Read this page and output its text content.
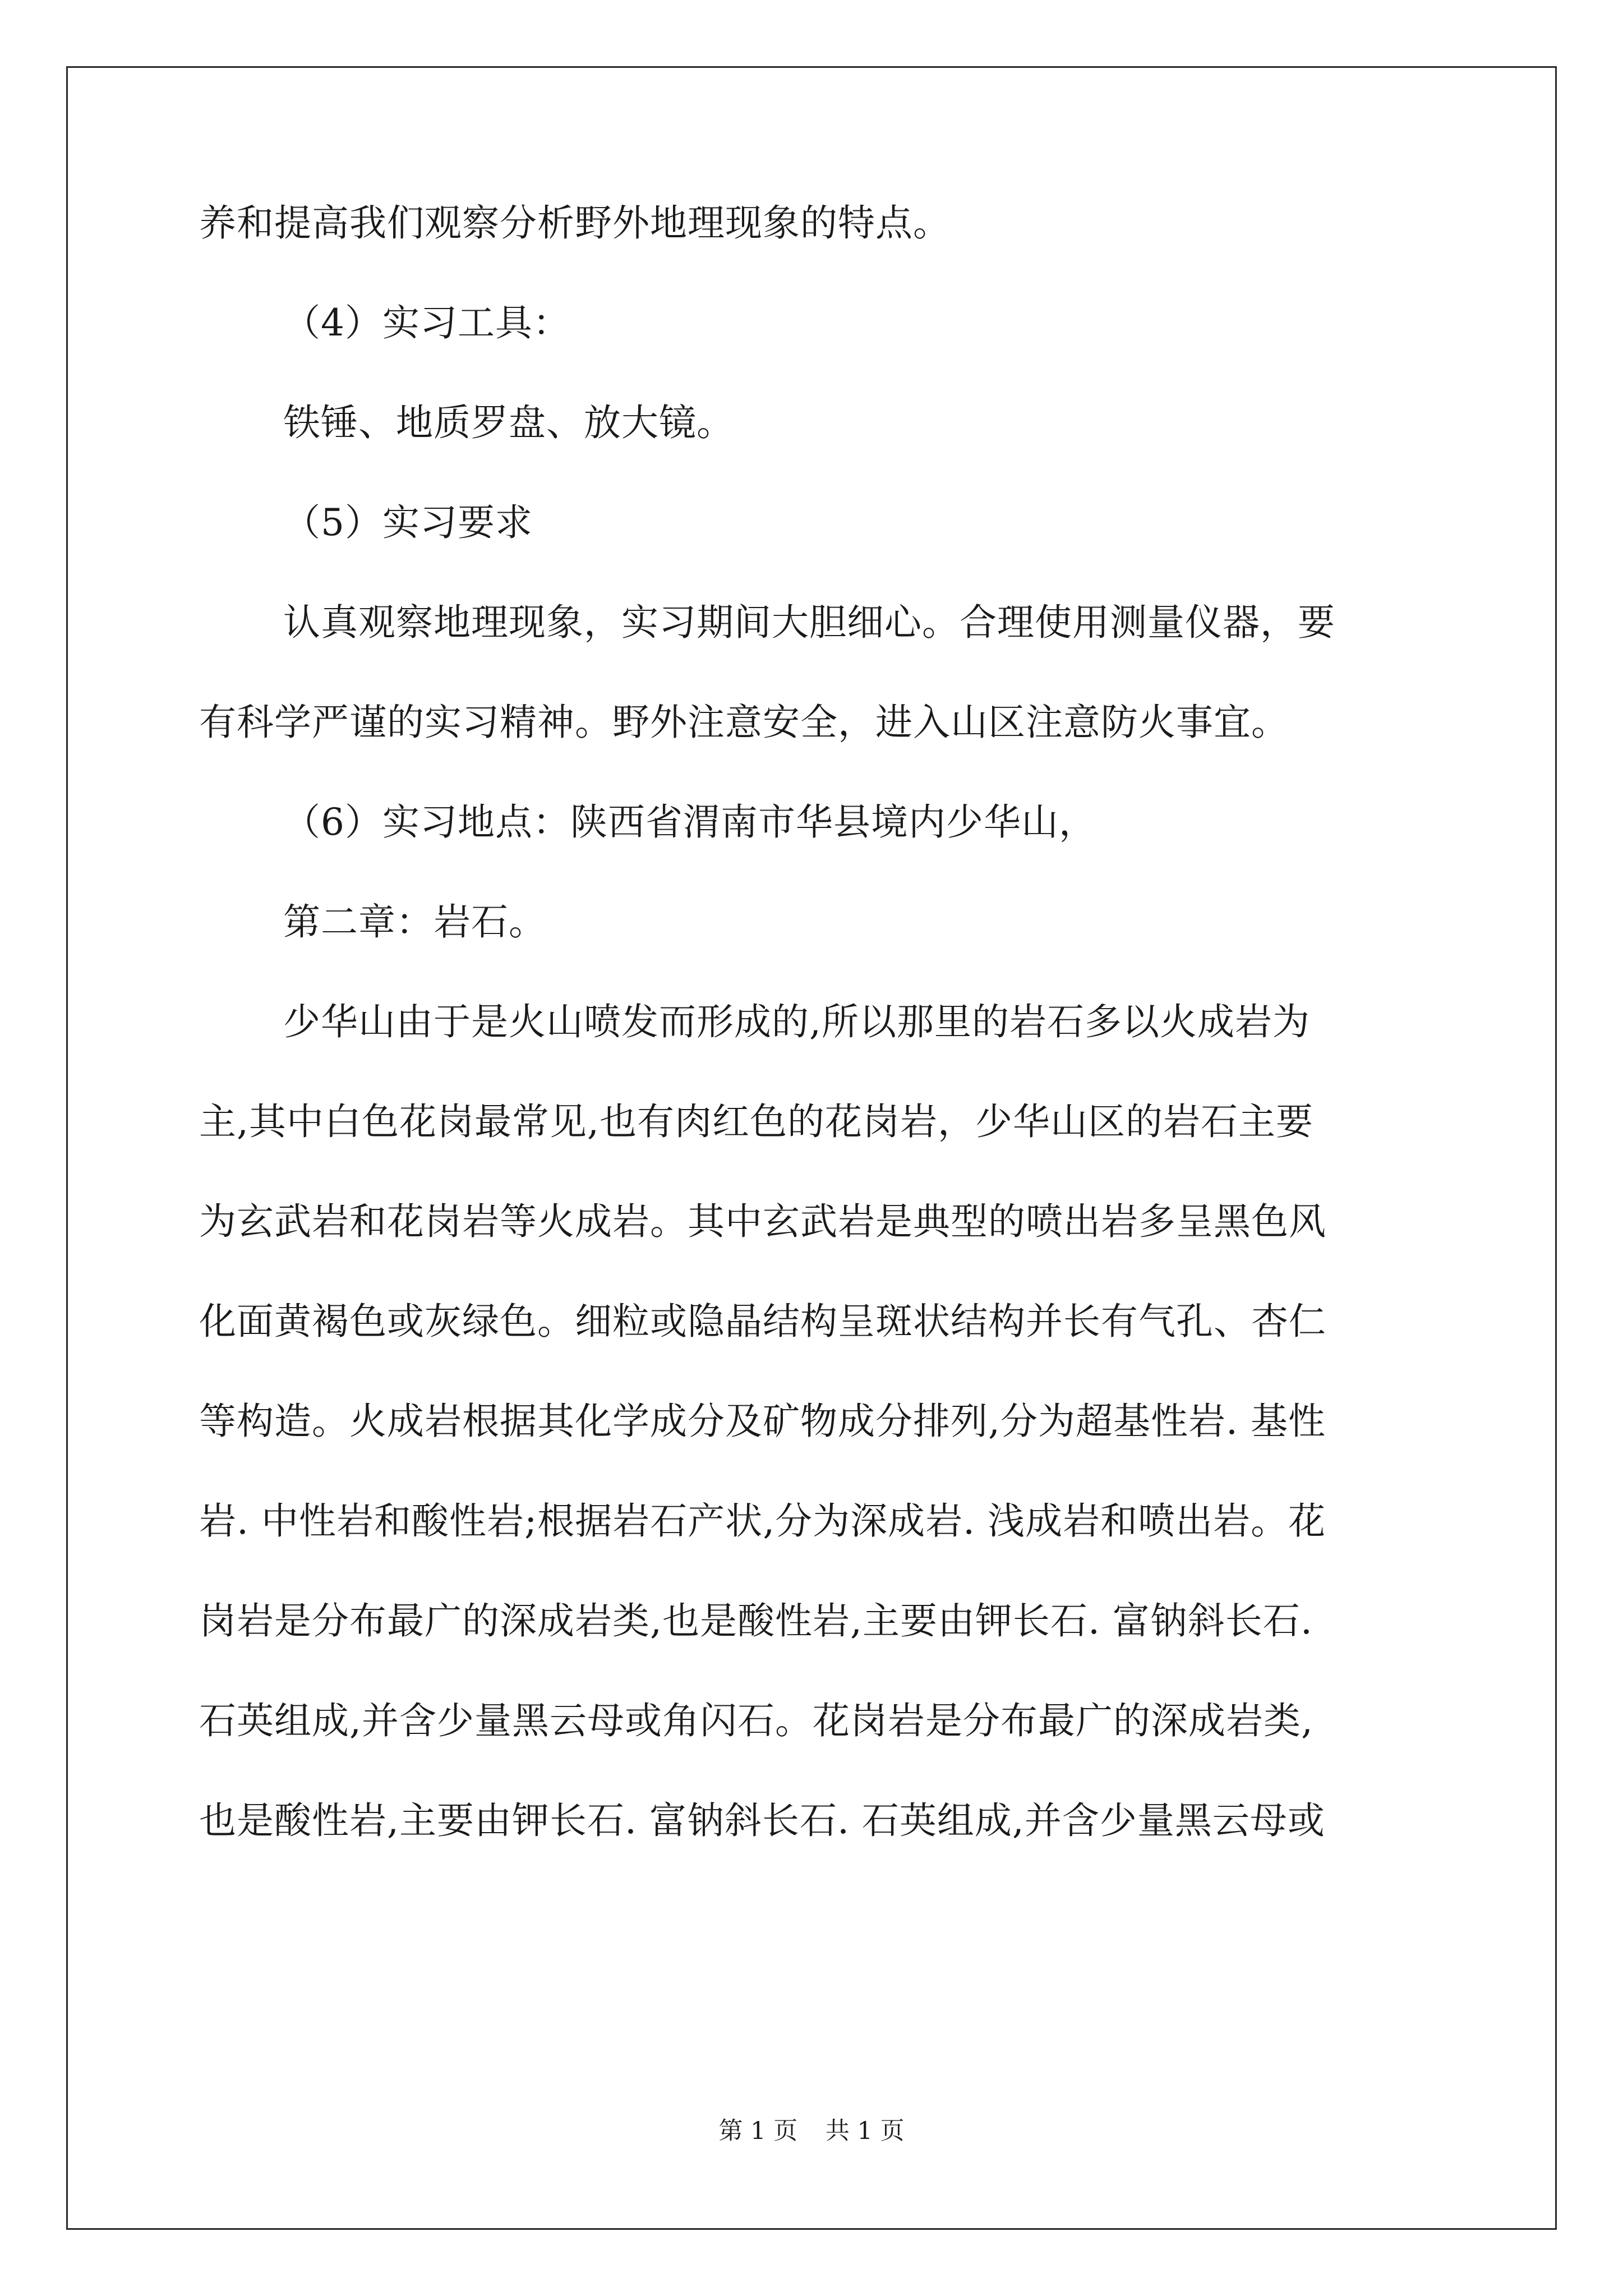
养和提高我们观察分析野外地理现象的特点。
（4）实习工具：
铁锤、地质罗盘、放大镜。
（5）实习要求
认真观察地理现象，实习期间大胆细心。合理使用测量仪器，要
有科学严谨的实习精神。野外注意安全，进入山区注意防火事宜。
（6）实习地点：陕西省渭南市华县境内少华山，
第二章：岩石。
少华山由于是火山喷发而形成的,所以那里的岩石多以火成岩为
主,其中白色花岗最常见,也有肉红色的花岗岩，少华山区的岩石主要
为玄武岩和花岗岩等火成岩。其中玄武岩是典型的喷出岩多呈黑色风
化面黄褐色或灰绿色。细粒或隐晶结构呈斑状结构并长有气孔、杏仁
等构造。火成岩根据其化学成分及矿物成分排列,分为超基性岩. 基性
岩. 中性岩和酸性岩;根据岩石产状,分为深成岩. 浅成岩和喷出岩。花
岗岩是分布最广的深成岩类,也是酸性岩,主要由钾长石. 富钠斜长石.
石英组成,并含少量黑云母或角闪石。花岗岩是分布最广的深成岩类,
也是酸性岩,主要由钾长石. 富钠斜长石. 石英组成,并含少量黑云母或
第 1 页 共 1 页
